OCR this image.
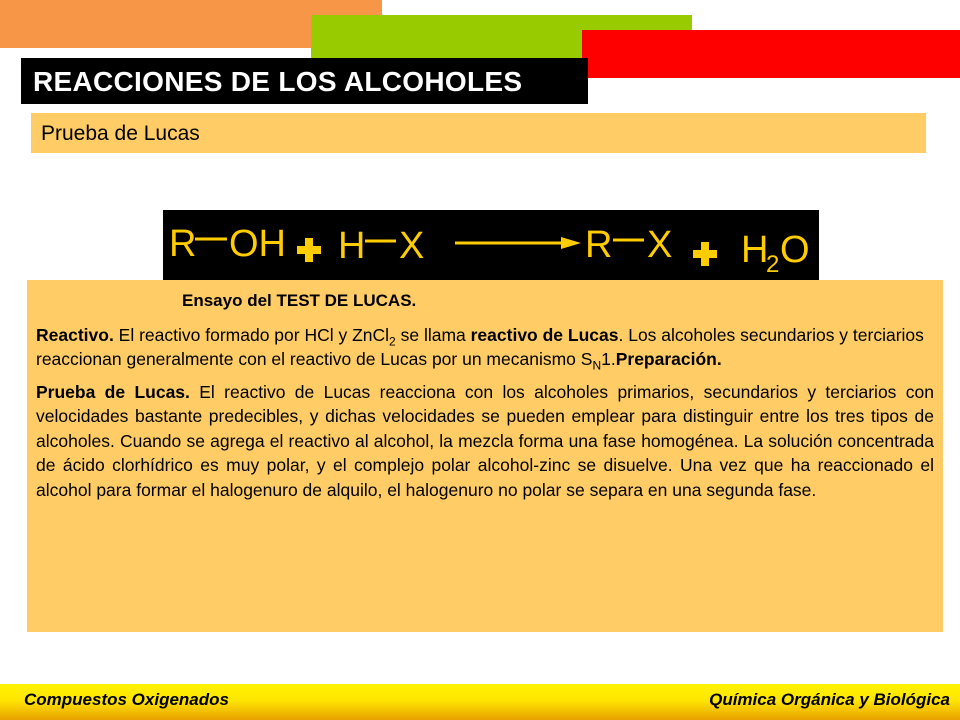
REACCIONES DE LOS ALCOHOLES
Prueba de Lucas
R OH H X	R X H
2 O

Ensayo del TEST DE LUCAS.

Reactivo. El reactivo formado por HCl y ZnCl$_2$ se llama reactivo de Lucas. Los alcoholes secundarios y terciarios reaccionan generalmente con el reactivo de Lucas por un mecanismo $S_N1.Preparación$.

Prueba de Lucas. El reactivo de Lucas reacciona con los alcoholes primarios, secundarios y terciarios con velocidades bastante predecibles, y dichas velocidades se pueden emplear para distinguir entre los tres tipos de alcoholes. Cuando se agrega el reactivo al alcohol, la mezcla forma una fase homogénea. La solución concentrada de ácido clorhídrico es muy polar, y el complejo polar alcohol-zinc se disuelve. Una vez que ha reaccionado el alcohol para formar el halogenuro de alquilo, el halogenuro no polar se separa en una segunda fase.

Compuestos Oxigenados	Química Orgánica y Biológica
